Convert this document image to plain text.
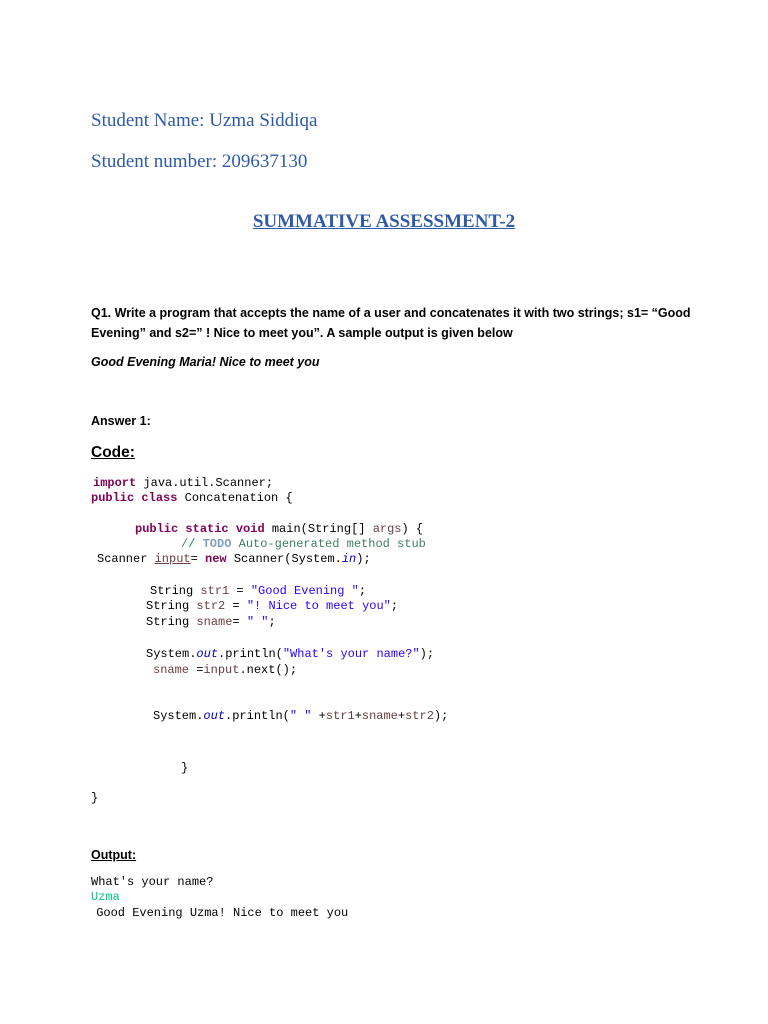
Student Name: Uzma Siddiqa
Student number: 209637130
SUMMATIVE ASSESSMENT-2
Q1. Write a program that accepts the name of a user and concatenates it with two strings; s1= “Good
Evening” and s2=” ! Nice to meet you”. A sample output is given below
Good Evening Maria! Nice to meet you
Answer 1:
Code:
import java.util.Scanner;
public class Concatenation {
public static void main(String[] args) {
// TODO Auto-generated method stub
Scanner input= new Scanner(System.in);
String str1 = "Good Evening ";
String str2 = "! Nice to meet you";
String sname= " ";
System.out.println("What's your name?");
sname =input.next();
System.out.println(" " +str1+sname+str2);
}
}
Output:
What's your name?
Uzma
Good Evening Uzma! Nice to meet you
